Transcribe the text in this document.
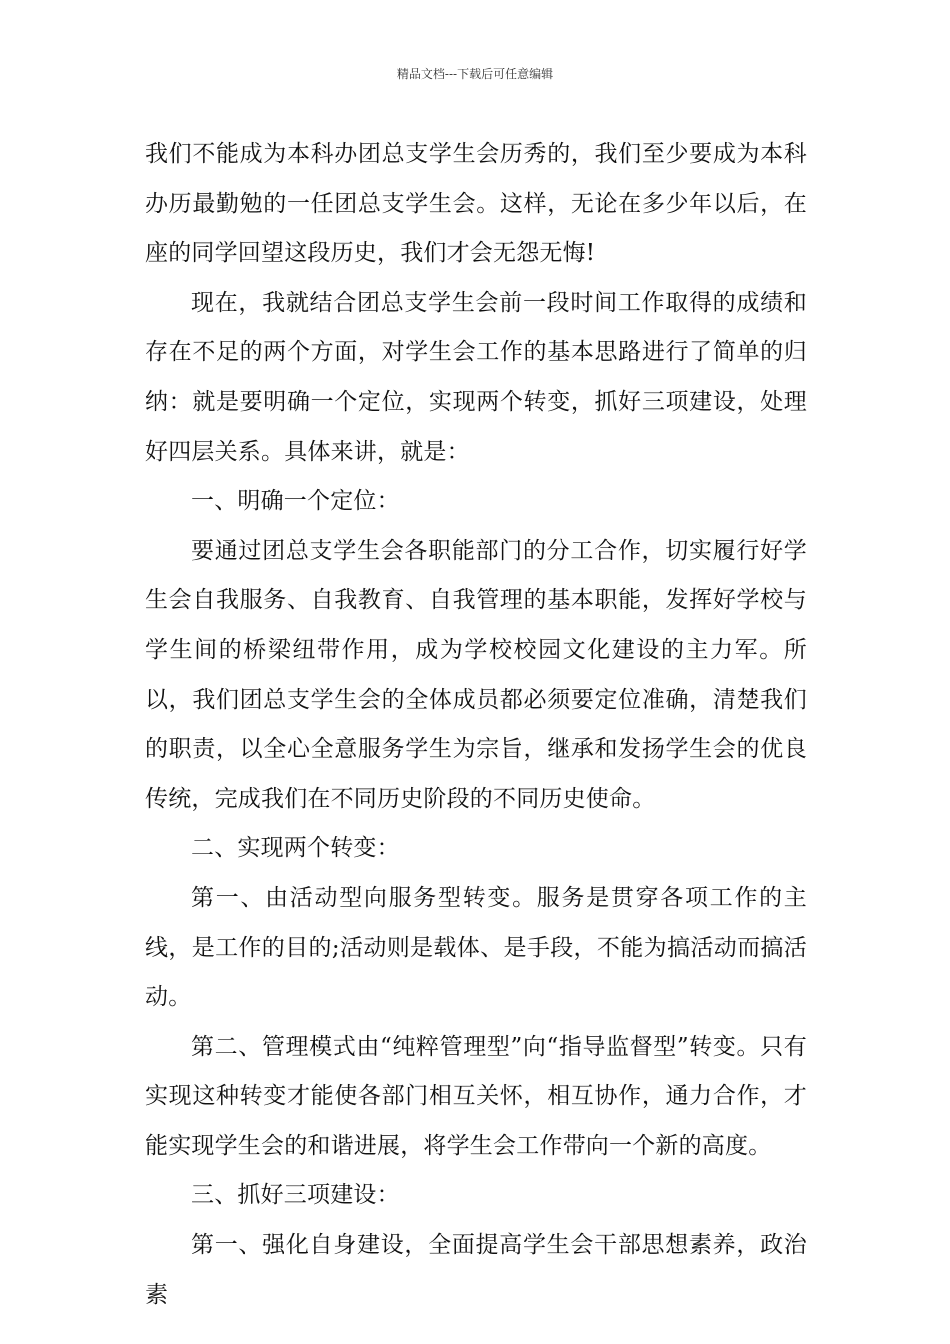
精品文档---下载后可任意编辑

我们不能成为本科办团总支学生会历秀的，我们至少要成为本科办历最勤勉的一任团总支学生会。这样，无论在多少年以后，在座的同学回望这段历史，我们才会无怨无悔!

现在，我就结合团总支学生会前一段时间工作取得的成绩和存在不足的两个方面，对学生会工作的基本思路进行了简单的归纳：就是要明确一个定位，实现两个转变，抓好三项建设，处理好四层关系。具体来讲，就是：

一、明确一个定位：

要通过团总支学生会各职能部门的分工合作，切实履行好学生会自我服务、自我教育、自我管理的基本职能，发挥好学校与学生间的桥梁纽带作用，成为学校校园文化建设的主力军。所以，我们团总支学生会的全体成员都必须要定位准确，清楚我们的职责，以全心全意服务学生为宗旨，继承和发扬学生会的优良传统，完成我们在不同历史阶段的不同历史使命。

二、实现两个转变：

第一、由活动型向服务型转变。服务是贯穿各项工作的主线，是工作的目的;活动则是载体、是手段，不能为搞活动而搞活动。

第二、管理模式由“纯粹管理型”向“指导监督型”转变。只有实现这种转变才能使各部门相互关怀，相互协作，通力合作，才能实现学生会的和谐进展，将学生会工作带向一个新的高度。

三、抓好三项建设：

第一、强化自身建设，全面提高学生会干部思想素养，政治素
